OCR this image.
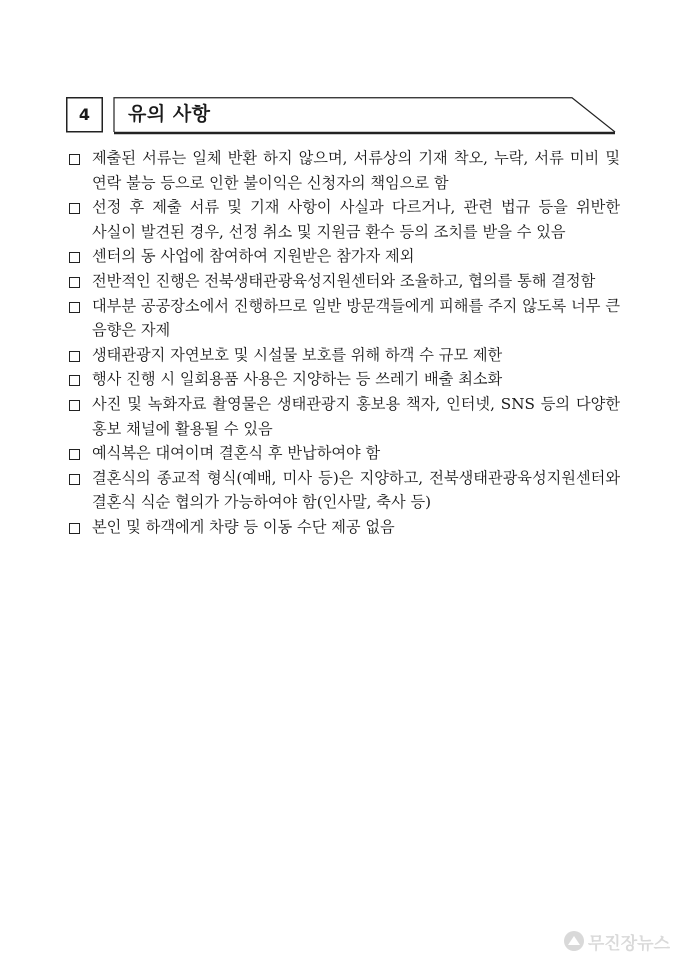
4	유의 사항
제출된 서류는 일체 반환 하지 않으며, 서류상의 기재 착오, 누락, 서류 미비 및 연락 불능 등으로 인한 불이익은 신청자의 책임으로 함
선정 후 제출 서류 및 기재 사항이 사실과 다르거나, 관련 법규 등을 위반한 사실이 발견된 경우, 선정 취소 및 지원금 환수 등의 조치를 받을 수 있음
센터의 동 사업에 참여하여 지원받은 참가자 제외
전반적인 진행은 전북생태관광육성지원센터와 조율하고, 협의를 통해 결정함
대부분 공공장소에서 진행하므로 일반 방문객들에게 피해를 주지 않도록 너무 큰 음향은 자제
생태관광지 자연보호 및 시설물 보호를 위해 하객 수 규모 제한
행사 진행 시 일회용품 사용은 지양하는 등 쓰레기 배출 최소화
사진 및 녹화자료 촬영물은 생태관광지 홍보용 책자, 인터넷, SNS 등의 다양한 홍보 채널에 활용될 수 있음
예식복은 대여이며 결혼식 후 반납하여야 함
결혼식의 종교적 형식(예배, 미사 등)은 지양하고, 전북생태관광육성지원센터와 결혼식 식순 협의가 가능하여야 함(인사말, 축사 등)
본인 및 하객에게 차량 등 이동 수단 제공 없음
무진장뉴스
